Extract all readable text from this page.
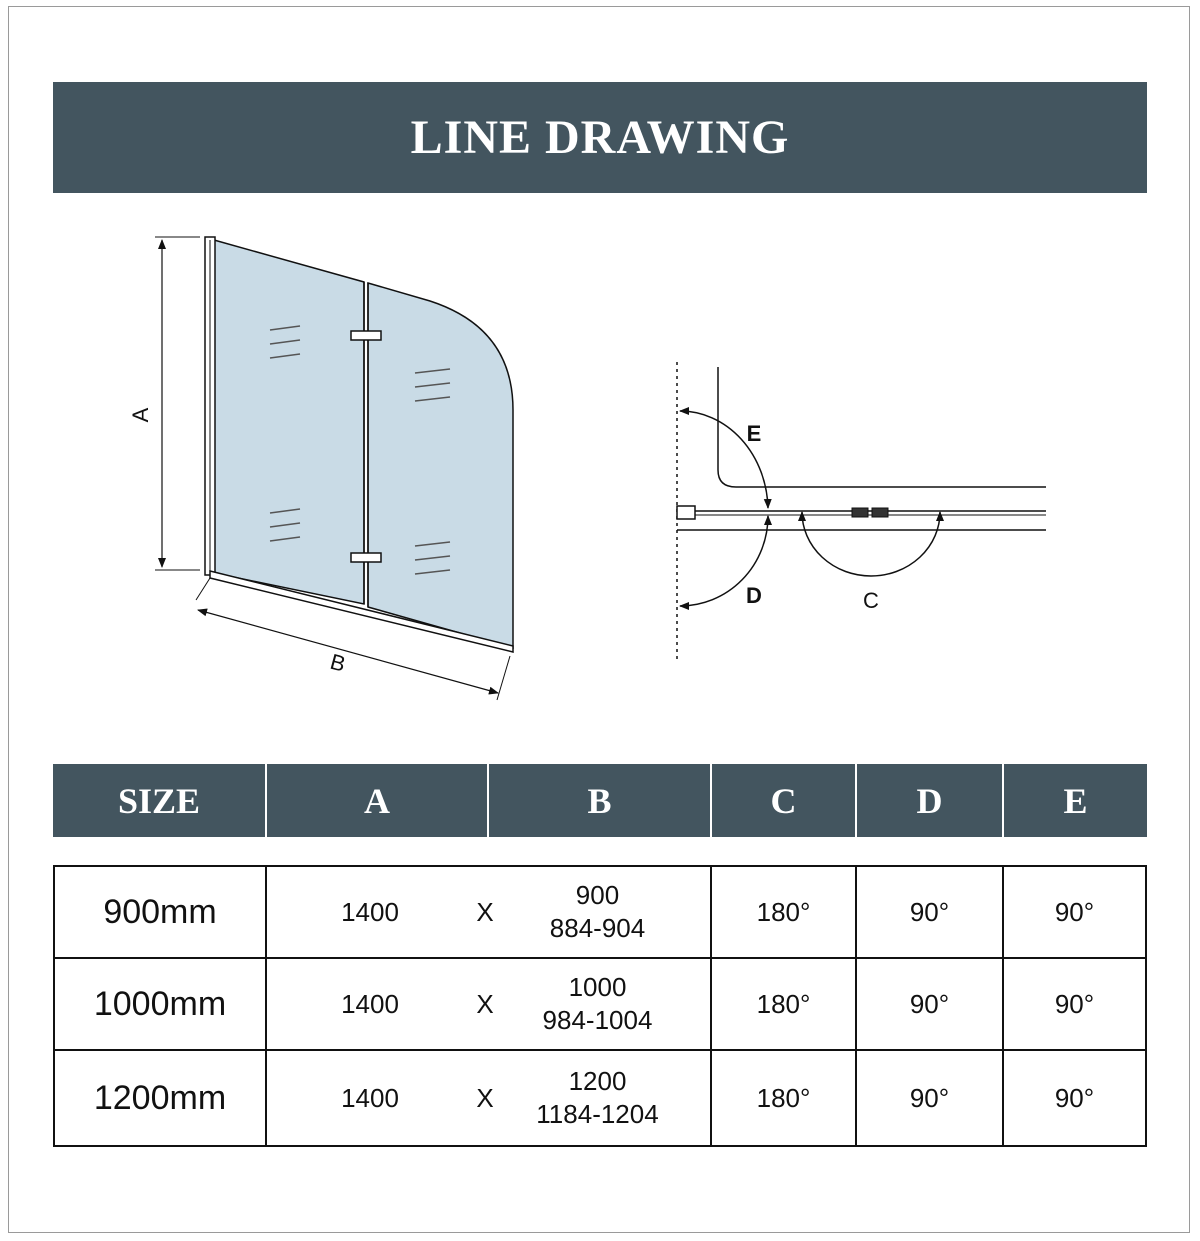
LINE DRAWING
A
B
E
D	C
SIZE	A	B	C	D	E
900mm	1400	X
900
884-904
180°	90°	90°
1000mm	1400	X
1000
984-1004
180°	90°	90°
1200mm	1400	X
1200
1184-1204
180°	90°	90°
